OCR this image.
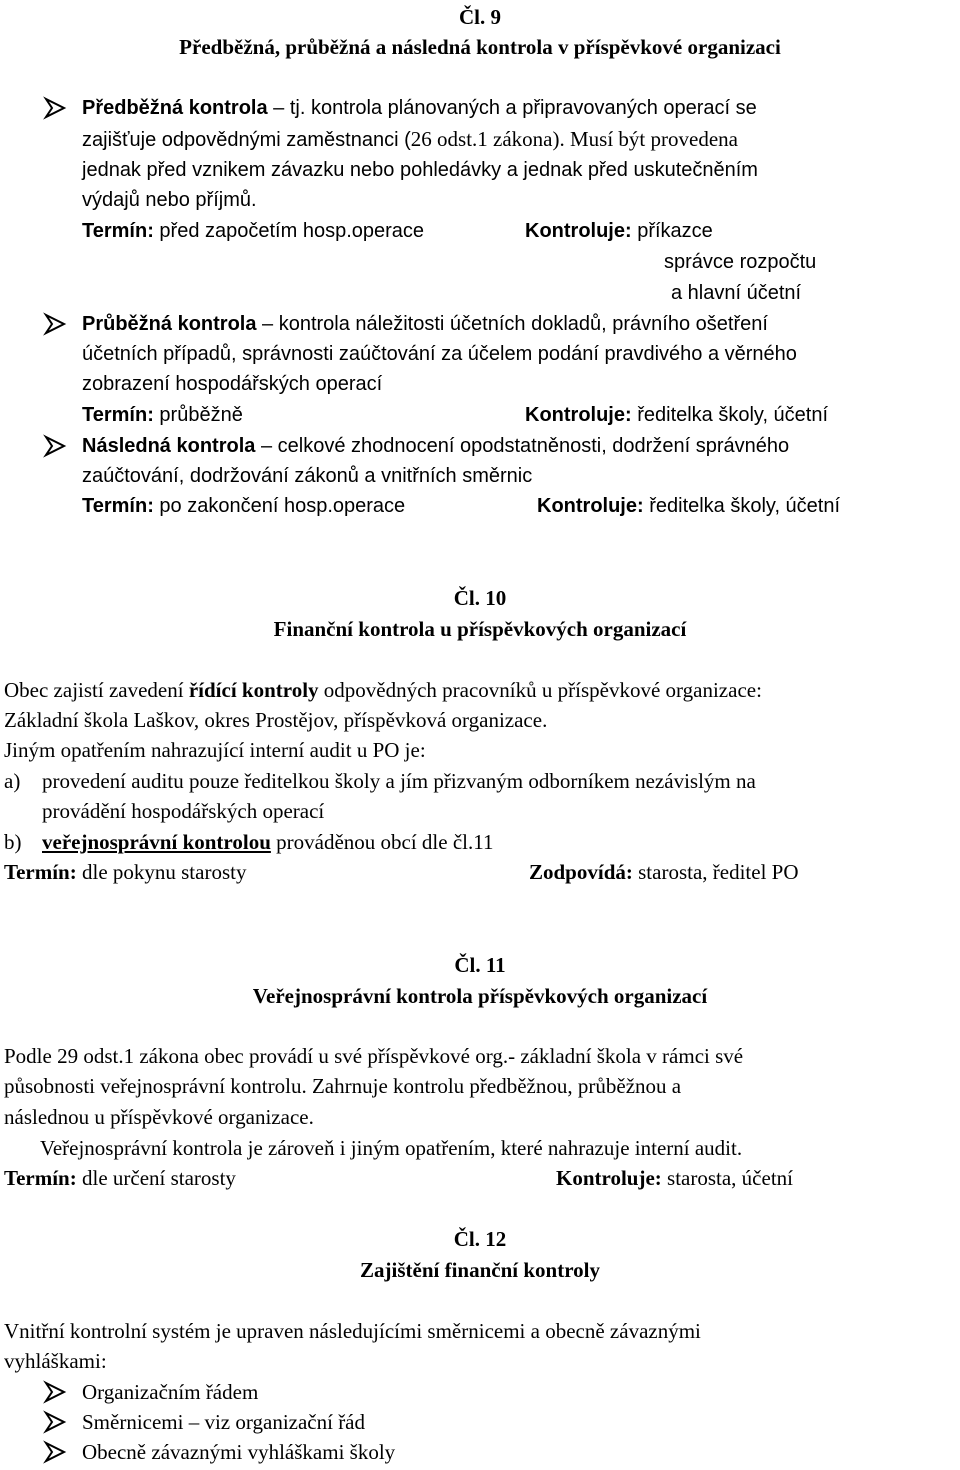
Čl. 9
Předběžná, průběžná a následná kontrola v příspěvkové organizaci
Předběžná kontrola – tj. kontrola plánovaných a připravovaných operací se
zajišťuje odpovědnými zaměstnanci (26 odst.1 zákona). Musí být provedena
jednak před vznikem závazku nebo pohledávky a jednak před uskutečněním
výdajů nebo příjmů.
Termín: před započetím hosp.operace	Kontroluje: příkazce
správce rozpočtu
a hlavní účetní
Průběžná kontrola – kontrola náležitosti účetních dokladů, právního ošetření
účetních případů, správnosti zaúčtování za účelem podání pravdivého a věrného
zobrazení hospodářských operací
Termín: průběžně	Kontroluje: ředitelka školy, účetní
Následná kontrola – celkové zhodnocení opodstatněnosti, dodržení správného
zaúčtování, dodržování zákonů a vnitřních směrnic
Termín: po zakončení hosp.operace	Kontroluje: ředitelka školy, účetní
Čl. 10
Finanční kontrola u příspěvkových organizací
Obec zajistí zavedení řídící kontroly odpovědných pracovníků u příspěvkové organizace:
Základní škola Laškov, okres Prostějov, příspěvková organizace.
Jiným opatřením nahrazující interní audit u PO je:
a) provedení auditu pouze ředitelkou školy a jím přizvaným odborníkem nezávislým na
provádění hospodářských operací
b) veřejnosprávní kontrolou prováděnou obcí dle čl.11
Termín: dle pokynu starosty	Zodpovídá: starosta, ředitel PO
Čl. 11
Veřejnosprávní kontrola příspěvkových organizací
Podle 29 odst.1 zákona obec provádí u své příspěvkové org.- základní škola v rámci své
působnosti veřejnosprávní kontrolu. Zahrnuje kontrolu předběžnou, průběžnou a
následnou u příspěvkové organizace.
Veřejnosprávní kontrola je zároveň i jiným opatřením, které nahrazuje interní audit.
Termín: dle určení starosty	Kontroluje: starosta, účetní
Čl. 12
Zajištění finanční kontroly
Vnitřní kontrolní systém je upraven následujícími směrnicemi a obecně závaznými
vyhláškami:
Organizačním řádem
Směrnicemi – viz organizační řád
Obecně závaznými vyhláškami školy
